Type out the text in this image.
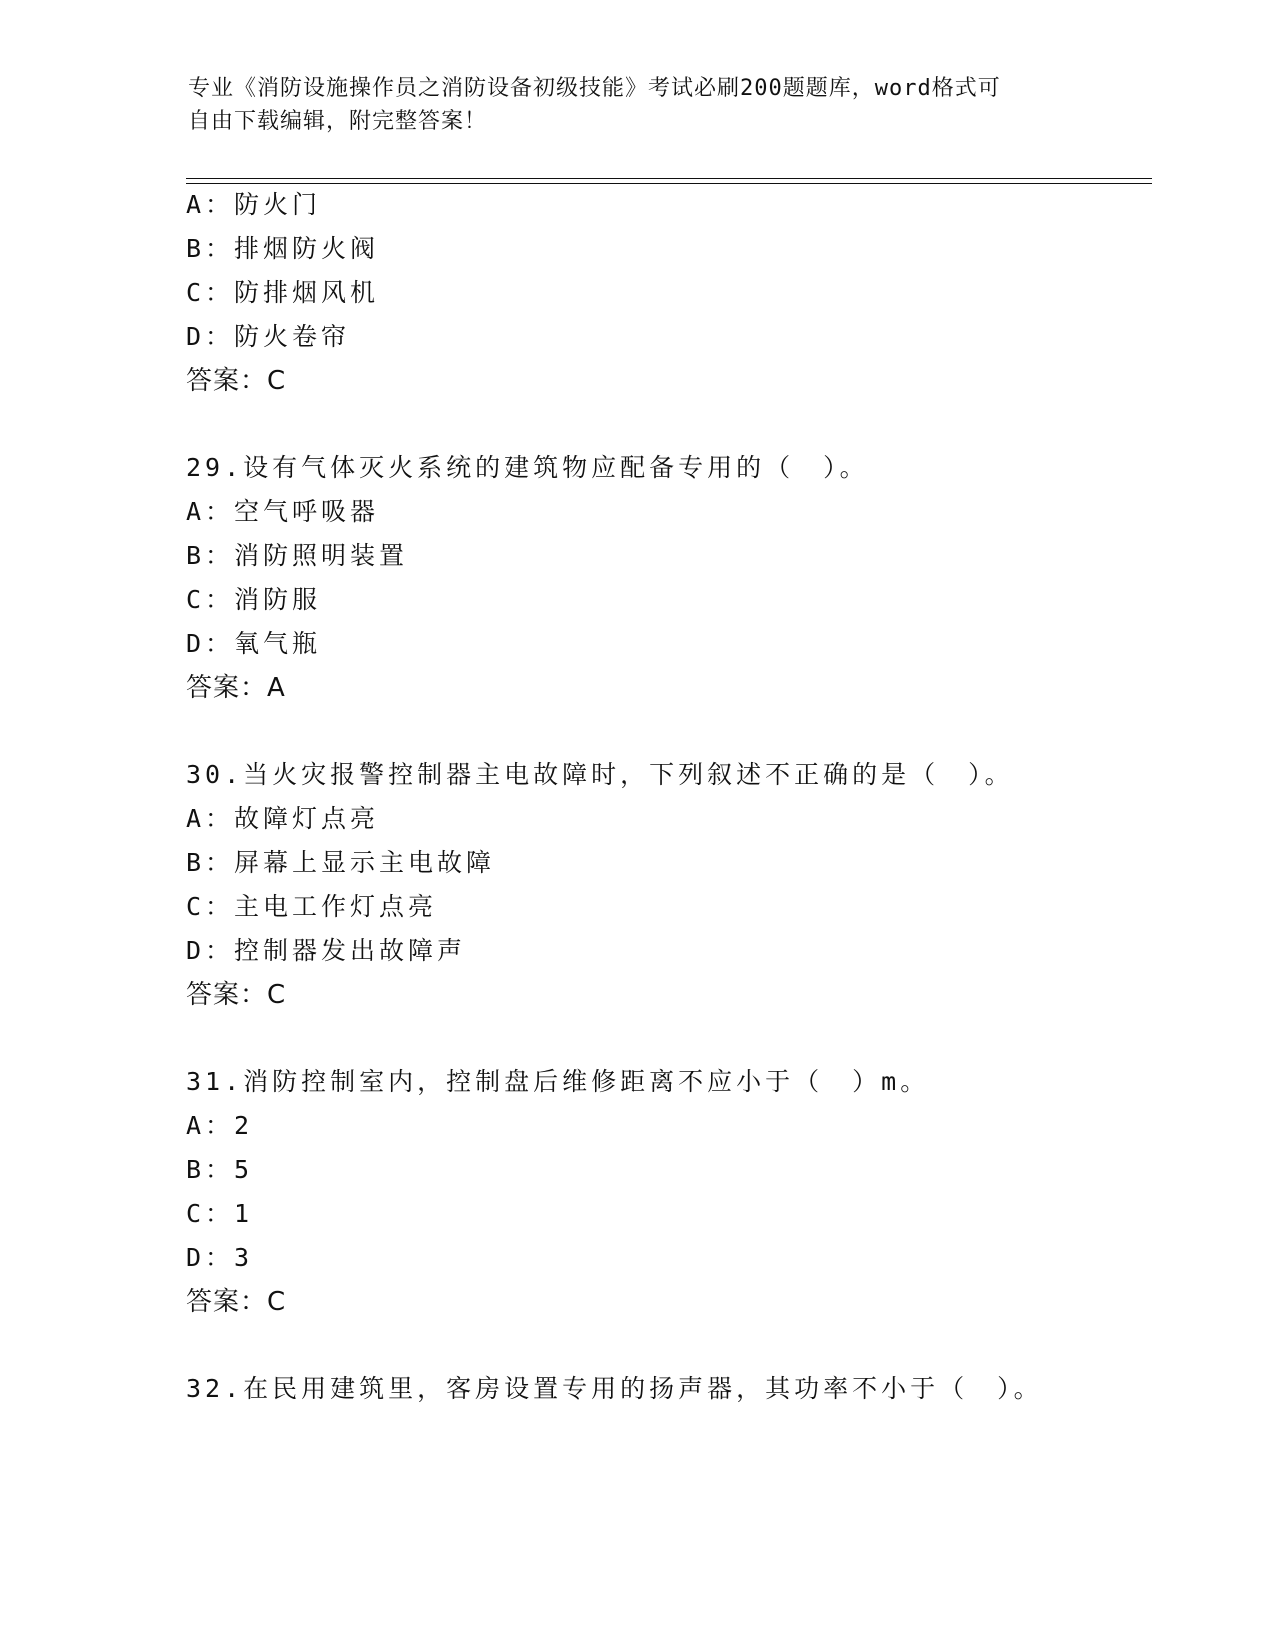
专业《消防设施操作员之消防设备初级技能》考试必刷200题题库，word格式可
自由下载编辑，附完整答案！
A：防火门
B：排烟防火阀
C：防排烟风机
D：防火卷帘
答案：C
29.设有气体灭火系统的建筑物应配备专用的（　）。
A：空气呼吸器
B：消防照明装置
C：消防服
D：氧气瓶
答案：A
30.当火灾报警控制器主电故障时，下列叙述不正确的是（　）。
A：故障灯点亮
B：屏幕上显示主电故障
C：主电工作灯点亮
D：控制器发出故障声
答案：C
31.消防控制室内，控制盘后维修距离不应小于（　）m。
A：2
B：5
C：1
D：3
答案：C
32.在民用建筑里，客房设置专用的扬声器，其功率不小于（　）。
